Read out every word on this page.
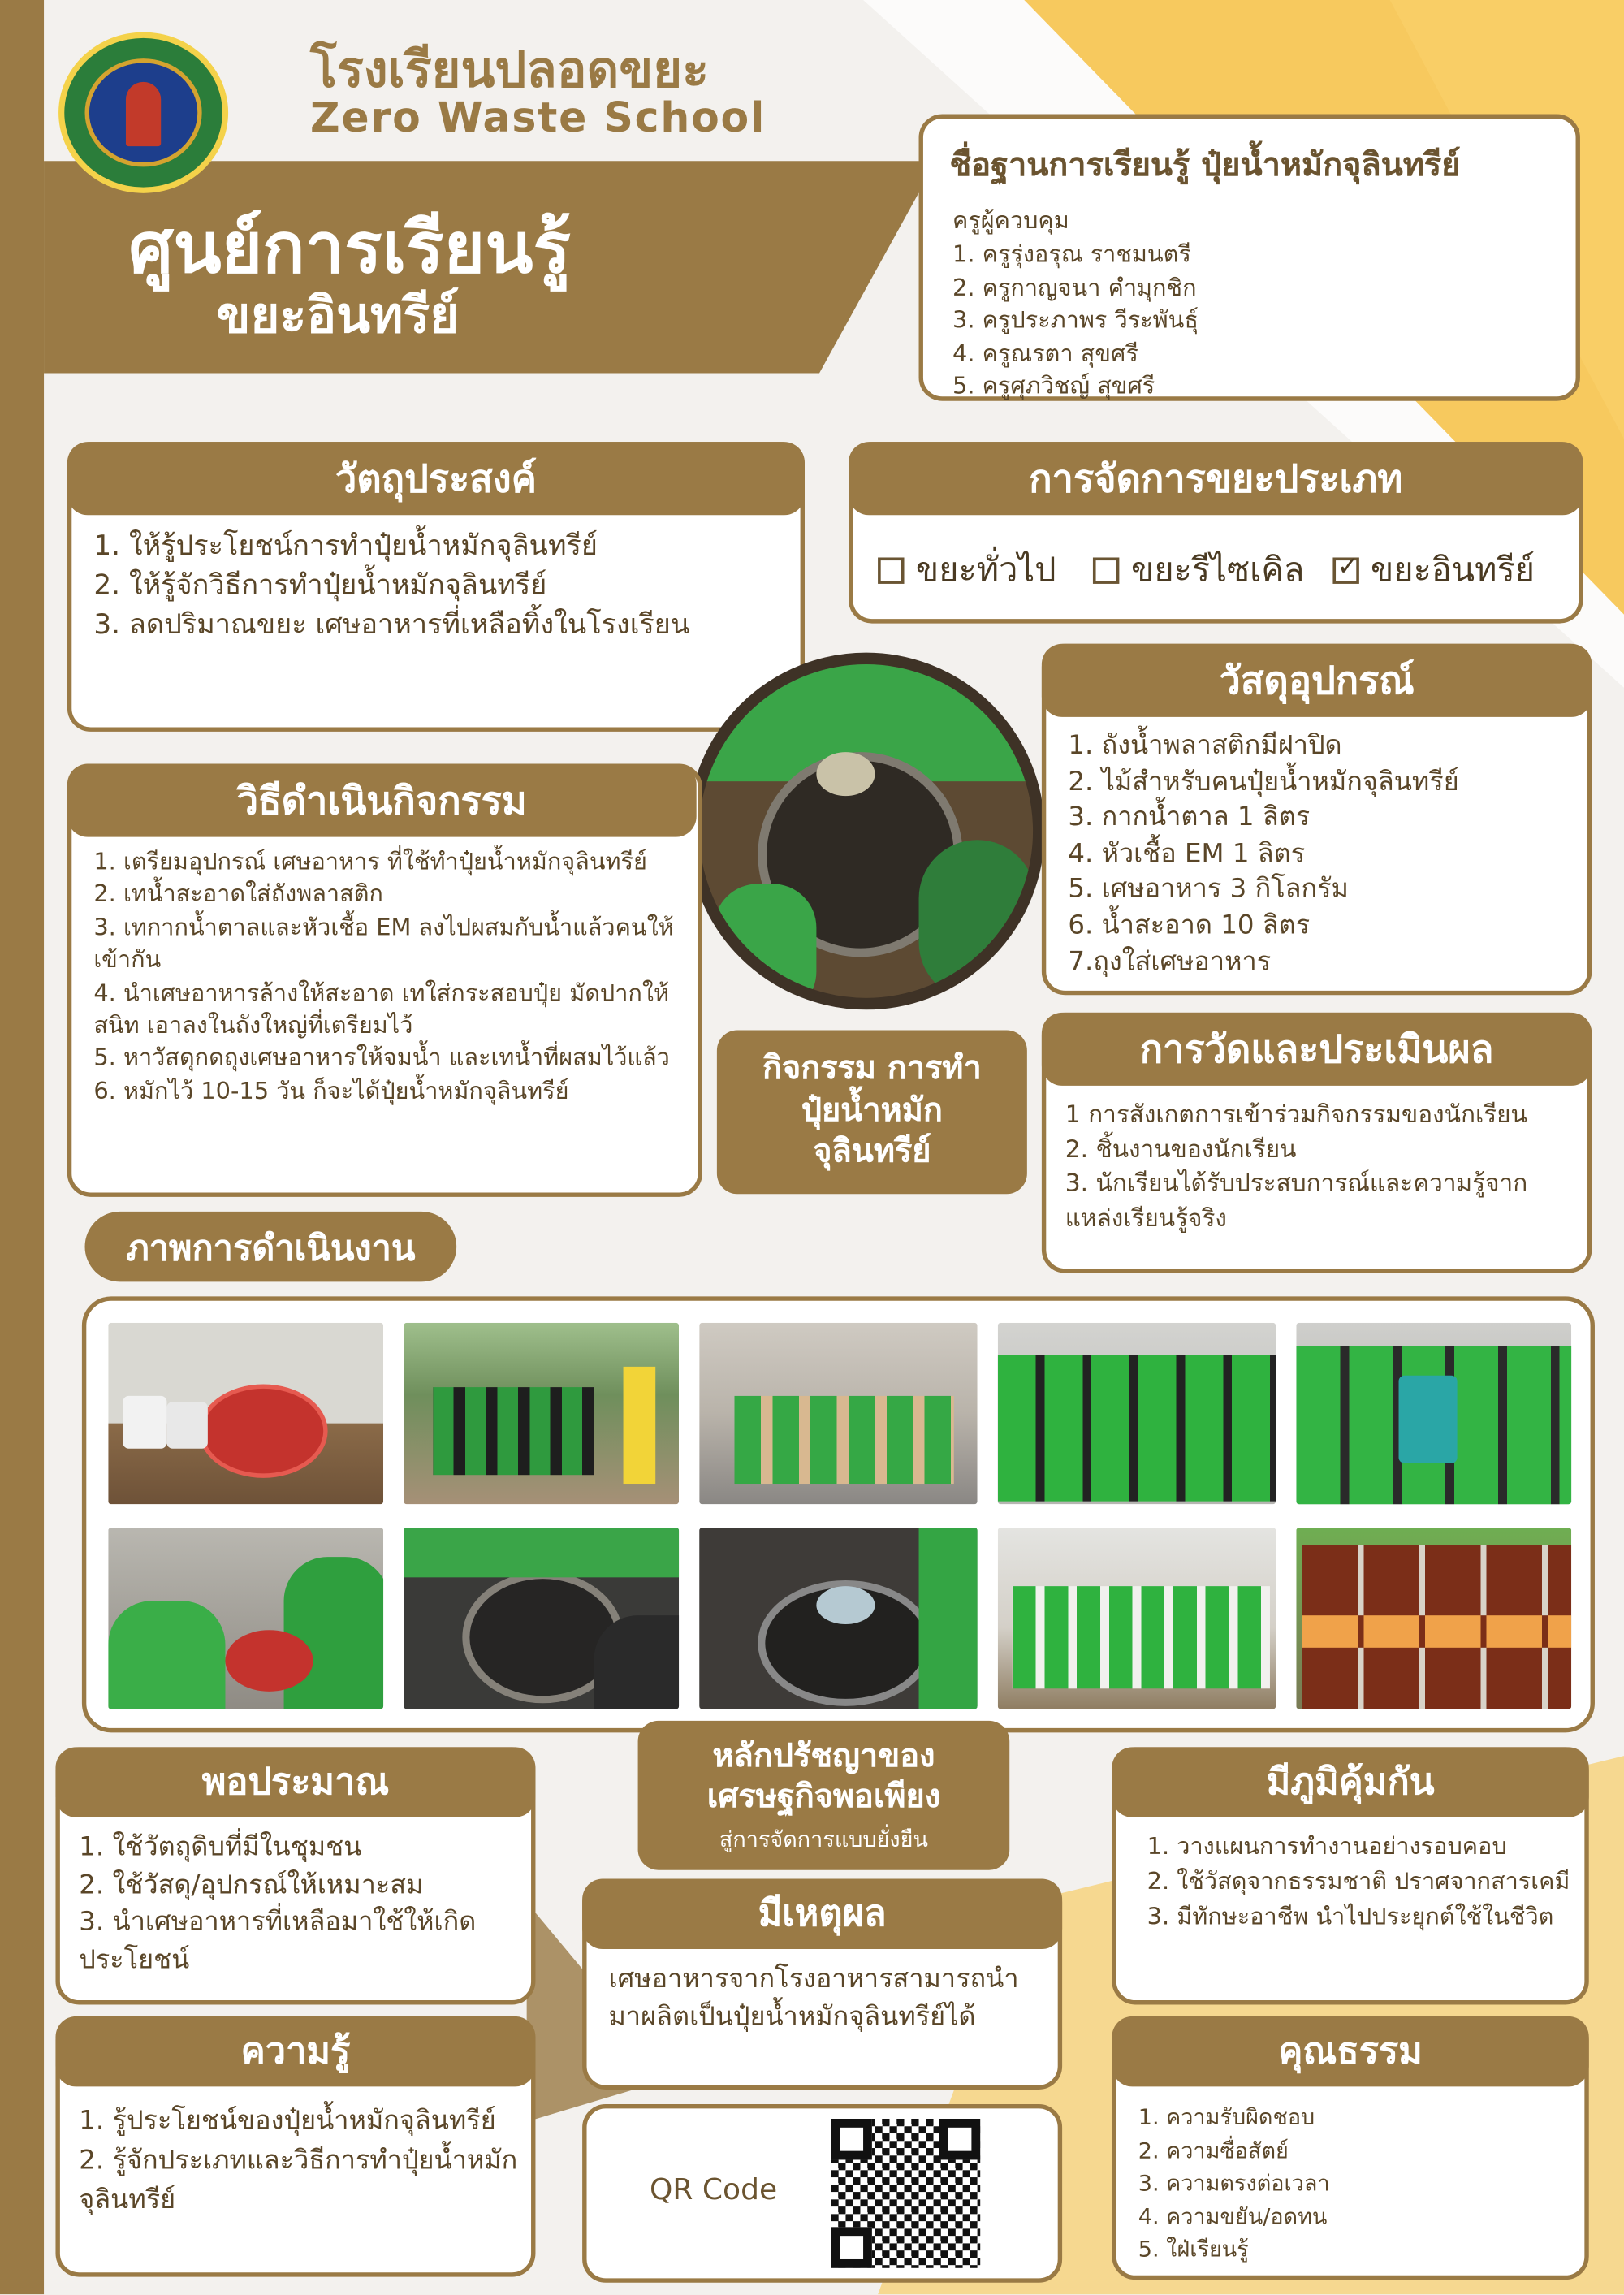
โรงเรียนปลอดขยะ
Zero Waste School
ศูนย์การเรียนรู้
ขยะอินทรีย์
ชื่อฐานการเรียนรู้ ปุ๋ยน้ำหมักจุลินทรีย์
ครูผู้ควบคุม
1. ครูรุ่งอรุณ ราชมนตรี
2. ครูกาญจนา คำมุกชิก
3. ครูประภาพร วีระพันธุ์
4. ครูณรตา สุขศรี
5. ครูศุภวิชญ์ สุขศรี
วัตถุประสงค์
1. ให้รู้ประโยชน์การทำปุ๋ยน้ำหมักจุลินทรีย์
2. ให้รู้จักวิธีการทำปุ๋ยน้ำหมักจุลินทรีย์
3. ลดปริมาณขยะ เศษอาหารที่เหลือทิ้งในโรงเรียน
การจัดการขยะประเภท
ขยะทั่วไป	ขยะรีไซเคิล ✓ ขยะอินทรีย์
วัสดุอุปกรณ์
1. ถังน้ำพลาสติกมีฝาปิด
2. ไม้สำหรับคนปุ๋ยน้ำหมักจุลินทรีย์
3. กากน้ำตาล 1 ลิตร
4. หัวเชื้อ EM 1 ลิตร
5. เศษอาหาร 3 กิโลกรัม
6. น้ำสะอาด 10 ลิตร
7.ถุงใส่เศษอาหาร
วิธีดำเนินกิจกรรม
1. เตรียมอุปกรณ์ เศษอาหาร ที่ใช้ทำปุ๋ยน้ำหมักจุลินทรีย์
2. เทน้ำสะอาดใส่ถังพลาสติก
3. เทกากน้ำตาลและหัวเชื้อ EM ลงไปผสมกับน้ำแล้วคนให้เข้ากัน
4. นำเศษอาหารล้างให้สะอาด เทใส่กระสอบปุ๋ย มัดปากให้สนิท เอาลงในถังใหญ่ที่เตรียมไว้
5. หาวัสดุกดถุงเศษอาหารให้จมน้ำ และเทน้ำที่ผสมไว้แล้ว
6. หมักไว้ 10-15 วัน ก็จะได้ปุ๋ยน้ำหมักจุลินทรีย์
กิจกรรม การทำปุ๋ยน้ำหมักจุลินทรีย์
การวัดและประเมินผล
1 การสังเกตการเข้าร่วมกิจกรรมของนักเรียน
2. ชิ้นงานของนักเรียน
3. นักเรียนได้รับประสบการณ์และความรู้จากแหล่งเรียนรู้จริง
ภาพการดำเนินงาน
หลักปรัชญาของเศรษฐกิจพอเพียง
สู่การจัดการแบบยั่งยืน
พอประมาณ
1. ใช้วัตถุดิบที่มีในชุมชน
2. ใช้วัสดุ/อุปกรณ์ให้เหมาะสม
3. นำเศษอาหารที่เหลือมาใช้ให้เกิดประโยชน์
มีเหตุผล
เศษอาหารจากโรงอาหารสามารถนำมาผลิตเป็นปุ๋ยน้ำหมักจุลินทรีย์ได้
มีภูมิคุ้มกัน
1. วางแผนการทำงานอย่างรอบคอบ
2. ใช้วัสดุจากธรรมชาติ ปราศจากสารเคมี
3. มีทักษะอาชีพ นำไปประยุกต์ใช้ในชีวิต
ความรู้
1. รู้ประโยชน์ของปุ๋ยน้ำหมักจุลินทรีย์
2. รู้จักประเภทและวิธีการทำปุ๋ยน้ำหมักจุลินทรีย์	QR Code
คุณธรรม
1. ความรับผิดชอบ
2. ความซื่อสัตย์
3. ความตรงต่อเวลา
4. ความขยัน/อดทน
5. ใฝ่เรียนรู้
